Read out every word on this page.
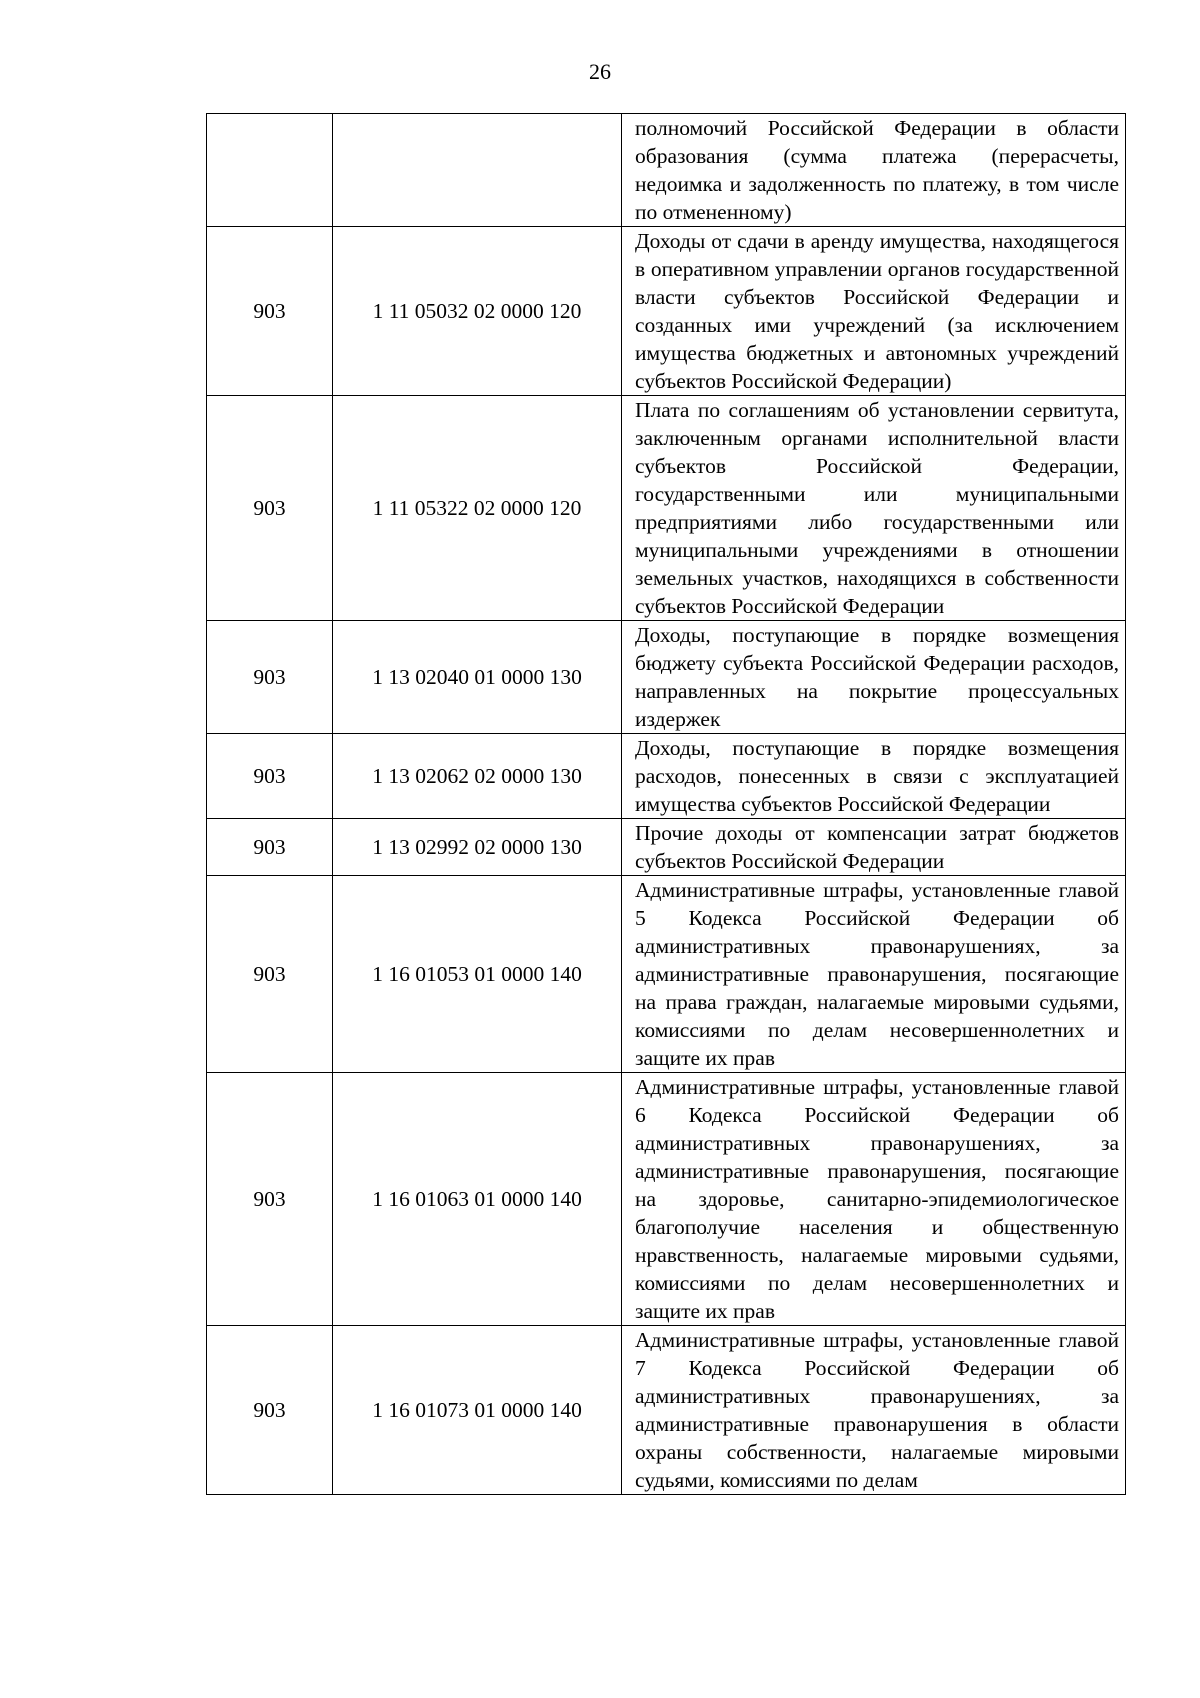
26
		полномочий Российской Федерации в области образования (сумма платежа (перерасчеты, недоимка и задолженность по платежу, в том числе по отмененному)
903	1 11 05032 02 0000 120	Доходы от сдачи в аренду имущества, находящегося в оперативном управлении органов государственной власти субъектов Российской Федерации и созданных ими учреждений (за исключением имущества бюджетных и автономных учреждений субъектов Российской Федерации)
903	1 11 05322 02 0000 120	Плата по соглашениям об установлении сервитута, заключенным органами исполнительной власти субъектов Российской Федерации, государственными или муниципальными предприятиями либо государственными или муниципальными учреждениями в отношении земельных участков, находящихся в собственности субъектов Российской Федерации
903	1 13 02040 01 0000 130	Доходы, поступающие в порядке возмещения бюджету субъекта Российской Федерации расходов, направленных на покрытие процессуальных издержек
903	1 13 02062 02 0000 130	Доходы, поступающие в порядке возмещения расходов, понесенных в связи с эксплуатацией имущества субъектов Российской Федерации
903	1 13 02992 02 0000 130	Прочие доходы от компенсации затрат бюджетов субъектов Российской Федерации
903	1 16 01053 01 0000 140	Административные штрафы, установленные главой 5 Кодекса Российской Федерации об административных правонарушениях, за административные правонарушения, посягающие на права граждан, налагаемые мировыми судьями, комиссиями по делам несовершеннолетних и защите их прав
903	1 16 01063 01 0000 140	Административные штрафы, установленные главой 6 Кодекса Российской Федерации об административных правонарушениях, за административные правонарушения, посягающие на здоровье, санитарно-эпидемиологическое благополучие населения и общественную нравственность, налагаемые мировыми судьями, комиссиями по делам несовершеннолетних и защите их прав
903	1 16 01073 01 0000 140	Административные штрафы, установленные главой 7 Кодекса Российской Федерации об административных правонарушениях, за административные правонарушения в области охраны собственности, налагаемые мировыми судьями, комиссиями по делам
